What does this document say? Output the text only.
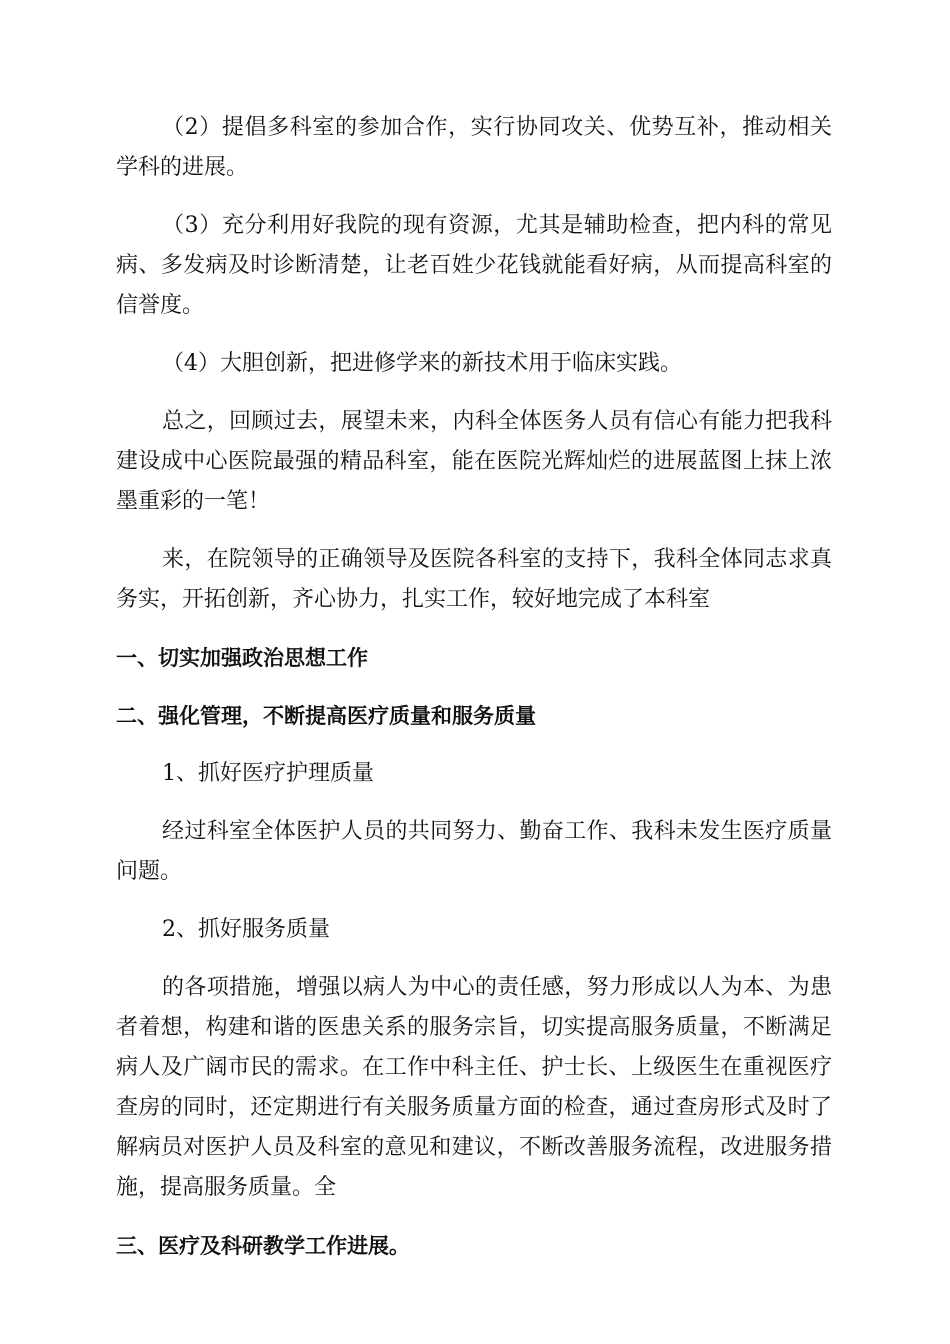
（2）提倡多科室的参加合作，实行协同攻关、优势互补，推动相关学科的进展。

（3）充分利用好我院的现有资源，尤其是辅助检查，把内科的常见病、多发病及时诊断清楚，让老百姓少花钱就能看好病，从而提高科室的信誉度。

（4）大胆创新，把进修学来的新技术用于临床实践。

总之，回顾过去，展望未来，内科全体医务人员有信心有能力把我科建设成中心医院最强的精品科室，能在医院光辉灿烂的进展蓝图上抹上浓墨重彩的一笔！

来，在院领导的正确领导及医院各科室的支持下，我科全体同志求真务实，开拓创新，齐心协力，扎实工作，较好地完成了本科室

一、切实加强政治思想工作

二、强化管理，不断提高医疗质量和服务质量

1、抓好医疗护理质量

经过科室全体医护人员的共同努力、勤奋工作、我科未发生医疗质量问题。

2、抓好服务质量

的各项措施，增强以病人为中心的责任感，努力形成以人为本、为患者着想，构建和谐的医患关系的服务宗旨，切实提高服务质量，不断满足病人及广阔市民的需求。在工作中科主任、护士长、上级医生在重视医疗查房的同时，还定期进行有关服务质量方面的检查，通过查房形式及时了解病员对医护人员及科室的意见和建议，不断改善服务流程，改进服务措施，提高服务质量。全

三、医疗及科研教学工作进展。
